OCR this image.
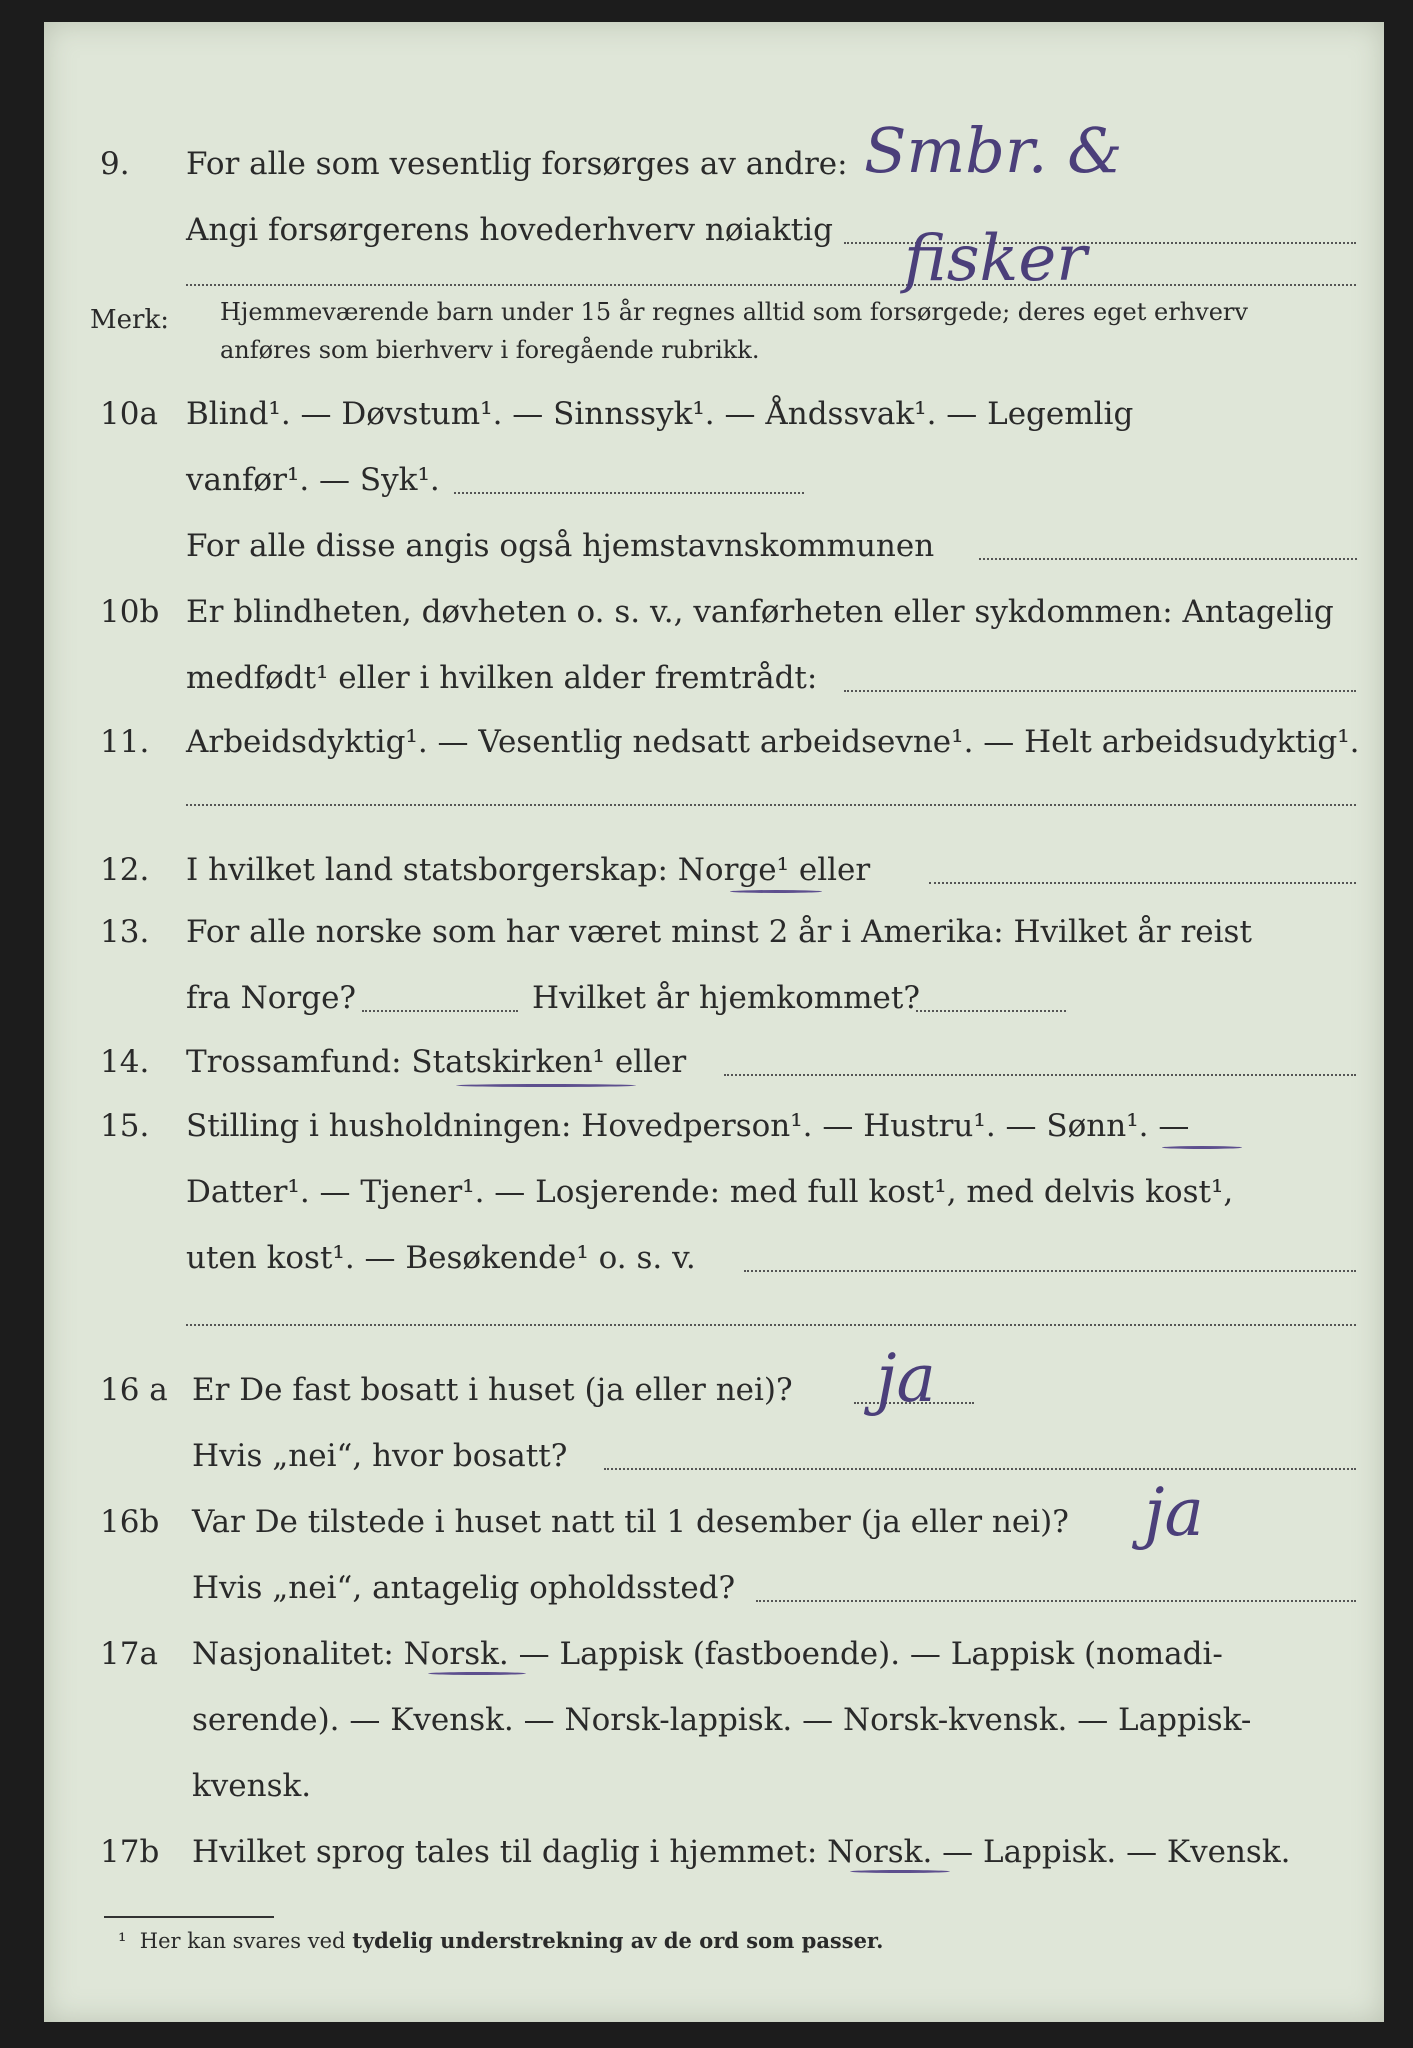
9. For alle som vesentlig forsørges av andre:
Angi forsørgerens hovederhverv nøiaktig
Smbr. &
fisker
Merk: Hjemmeværende barn under 15 år regnes alltid som forsørgede; deres eget erhverv
anføres som bierhverv i foregående rubrikk.
10a Blind¹. — Døvstum¹. — Sinnssyk¹. — Åndssvak¹. — Legemlig
vanfør¹. — Syk¹.
For alle disse angis også hjemstavnskommunen
10b Er blindheten, døvheten o. s. v., vanførheten eller sykdommen: Antagelig
medfødt¹ eller i hvilken alder fremtrådt:
11. Arbeidsdyktig¹. — Vesentlig nedsatt arbeidsevne¹. — Helt arbeidsudyktig¹.
12. I hvilket land statsborgerskap: Norge¹ eller
13. For alle norske som har været minst 2 år i Amerika: Hvilket år reist
fra Norge?	Hvilket år hjemkommet?
14. Trossamfund: Statskirken¹ eller
15. Stilling i husholdningen: Hovedperson¹. — Hustru¹. — Sønn¹. —
Datter¹. — Tjener¹. — Losjerende: med full kost¹, med delvis kost¹,
uten kost¹. — Besøkende¹ o. s. v.
16 a Er De fast bosatt i huset (ja eller nei)? ja
Hvis „nei“, hvor bosatt?
16b Var De tilstede i huset natt til 1 desember (ja eller nei)? ja
Hvis „nei“, antagelig opholdssted?
17a Nasjonalitet: Norsk. — Lappisk (fastboende). — Lappisk (nomadi-
serende). — Kvensk. — Norsk-lappisk. — Norsk-kvensk. — Lappisk-
kvensk.
17b Hvilket sprog tales til daglig i hjemmet: Norsk. — Lappisk. — Kvensk.
¹ Her kan svares ved tydelig understrekning av de ord som passer.
